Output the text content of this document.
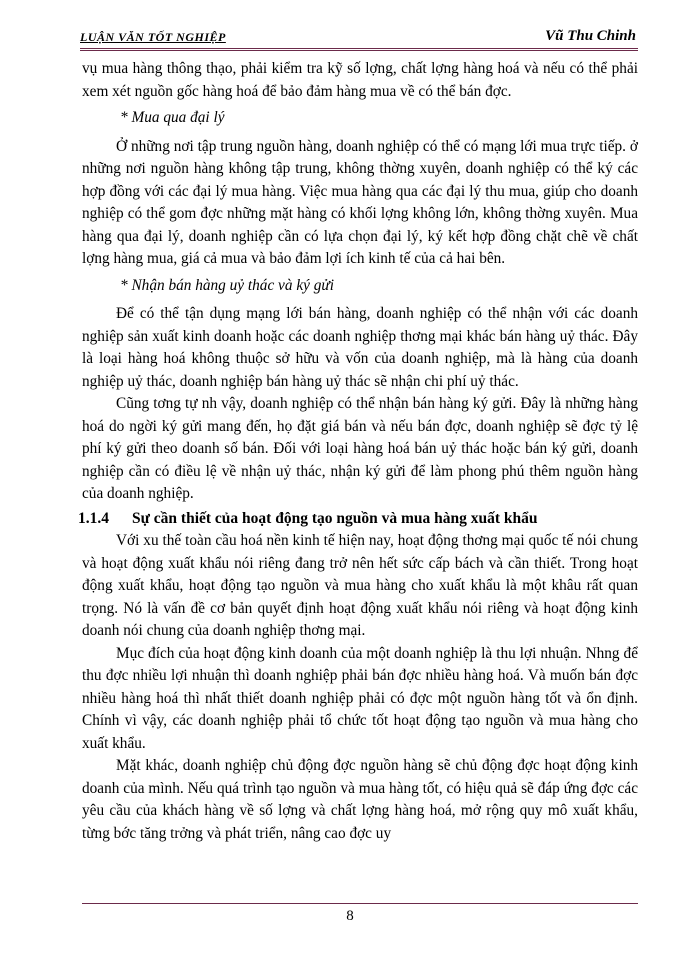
LUẬN VĂN TỐT NGHIỆP	Vũ Thu Chinh

vụ mua hàng thông thạo, phải kiểm tra kỹ số lợng, chất lợng hàng hoá và nếu có thể phải xem xét nguồn gốc hàng hoá để bảo đảm hàng mua về có thể bán đợc.

* Mua qua đại lý

Ở những nơi tập trung nguồn hàng, doanh nghiệp có thể có mạng lới mua trực tiếp. ở những nơi nguồn hàng không tập trung, không thờng xuyên, doanh nghiệp có thể ký các hợp đồng với các đại lý mua hàng. Việc mua hàng qua các đại lý thu mua, giúp cho doanh nghiệp có thể gom đợc những mặt hàng có khối lợng không lớn, không thờng xuyên. Mua hàng qua đại lý, doanh nghiệp cần có lựa chọn đại lý, ký kết hợp đồng chặt chẽ về chất lợng hàng mua, giá cả mua và bảo đảm lợi ích kinh tế của cả hai bên.

* Nhận bán hàng uỷ thác và ký gửi

Để có thể tận dụng mạng lới bán hàng, doanh nghiệp có thể nhận với các doanh nghiệp sản xuất kinh doanh hoặc các doanh nghiệp thơng mại khác bán hàng uỷ thác. Đây là loại hàng hoá không thuộc sở hữu và vốn của doanh nghiệp, mà là hàng của doanh nghiệp uỷ thác, doanh nghiệp bán hàng uỷ thác sẽ nhận chi phí uỷ thác.

Cũng tơng tự nh vậy, doanh nghiệp có thể nhận bán hàng ký gửi. Đây là những hàng hoá do ngời ký gửi mang đến, họ đặt giá bán và nếu bán đợc, doanh nghiệp sẽ đợc tỷ lệ phí ký gửi theo doanh số bán. Đối với loại hàng hoá bán uỷ thác hoặc bán ký gửi, doanh nghiệp cần có điều lệ về nhận uỷ thác, nhận ký gửi để làm phong phú thêm nguồn hàng của doanh nghiệp.

1.1.4 Sự cần thiết của hoạt động tạo nguồn và mua hàng xuất khẩu

Với xu thế toàn cầu hoá nền kinh tế hiện nay, hoạt động thơng mại quốc tế nói chung và hoạt động xuất khẩu nói riêng đang trở nên hết sức cấp bách và cần thiết. Trong hoạt động xuất khẩu, hoạt động tạo nguồn và mua hàng cho xuất khẩu là một khâu rất quan trọng. Nó là vấn đề cơ bản quyết định hoạt động xuất khẩu nói riêng và hoạt động kinh doanh nói chung của doanh nghiệp thơng mại.

Mục đích của hoạt động kinh doanh của một doanh nghiệp là thu lợi nhuận. Nhng để thu đợc nhiều lợi nhuận thì doanh nghiệp phải bán đợc nhiều hàng hoá. Và muốn bán đợc nhiều hàng hoá thì nhất thiết doanh nghiệp phải có đợc một nguồn hàng tốt và ổn định. Chính vì vậy, các doanh nghiệp phải tổ chức tốt hoạt động tạo nguồn và mua hàng cho xuất khẩu.

Mặt khác, doanh nghiệp chủ động đợc nguồn hàng sẽ chủ động đợc hoạt động kinh doanh của mình. Nếu quá trình tạo nguồn và mua hàng tốt, có hiệu quả sẽ đáp ứng đợc các yêu cầu của khách hàng về số lợng và chất lợng hàng hoá, mở rộng quy mô xuất khẩu, từng bớc tăng trởng và phát triển, nâng cao đợc uy

8
